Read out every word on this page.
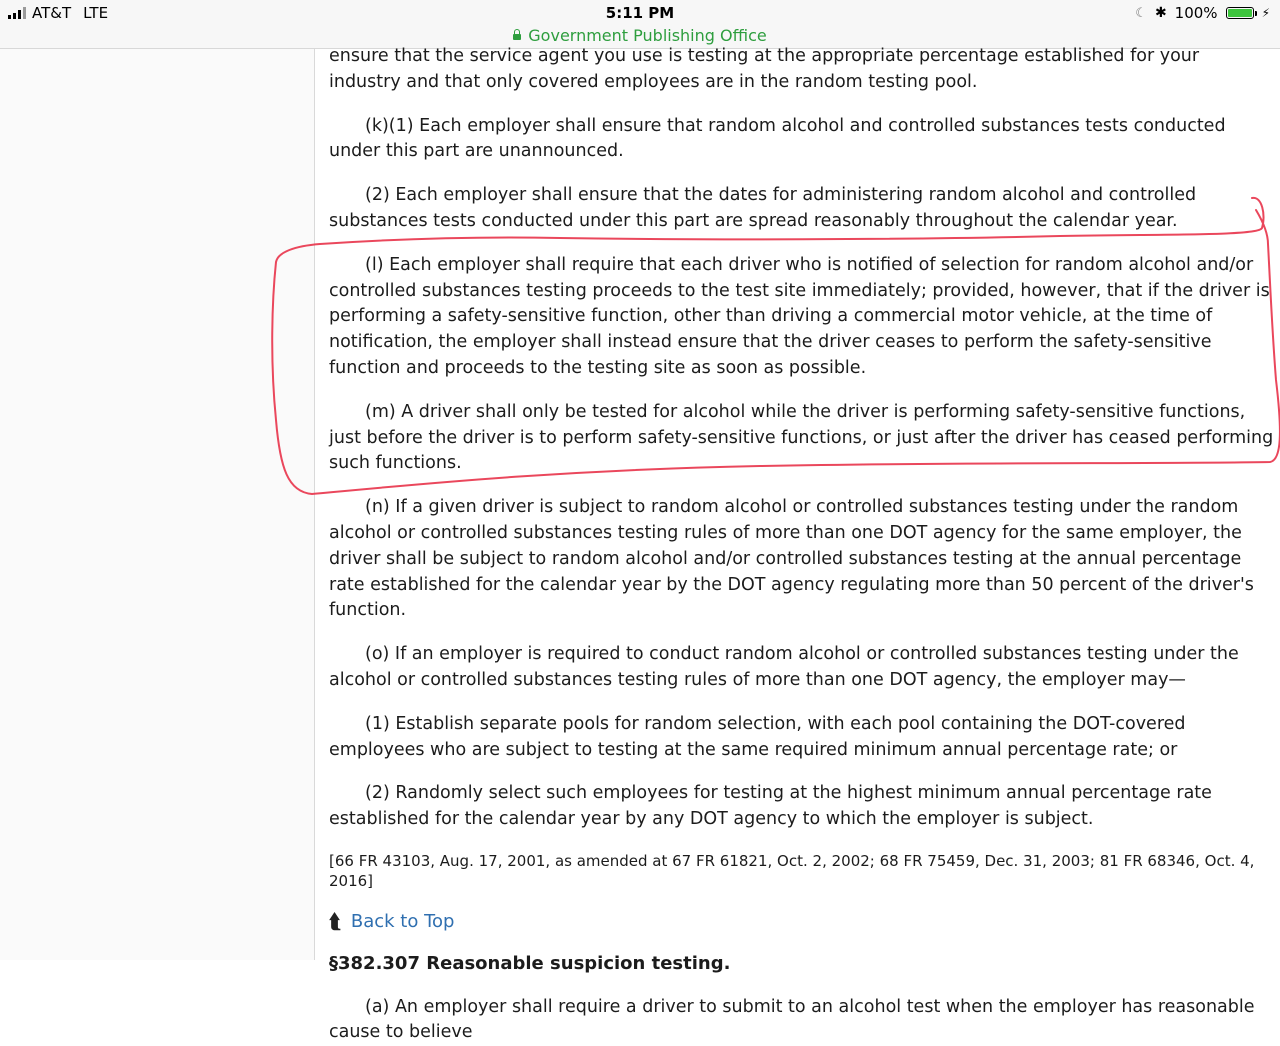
AT&T LTE	5:11 PM	☾ ✱ 100%	⚡
Government Publishing Office

ensure that the service agent you use is testing at the appropriate percentage established for your industry and that only covered employees are in the random testing pool.

(k)(1) Each employer shall ensure that random alcohol and controlled substances tests conducted under this part are unannounced.

(2) Each employer shall ensure that the dates for administering random alcohol and controlled substances tests conducted under this part are spread reasonably throughout the calendar year.

(l) Each employer shall require that each driver who is notified of selection for random alcohol and/or controlled substances testing proceeds to the test site immediately; provided, however, that if the driver is performing a safety-sensitive function, other than driving a commercial motor vehicle, at the time of notification, the employer shall instead ensure that the driver ceases to perform the safety-sensitive function and proceeds to the testing site as soon as possible.

(m) A driver shall only be tested for alcohol while the driver is performing safety-sensitive functions, just before the driver is to perform safety-sensitive functions, or just after the driver has ceased performing such functions.

(n) If a given driver is subject to random alcohol or controlled substances testing under the random alcohol or controlled substances testing rules of more than one DOT agency for the same employer, the driver shall be subject to random alcohol and/or controlled substances testing at the annual percentage rate established for the calendar year by the DOT agency regulating more than 50 percent of the driver's function.

(o) If an employer is required to conduct random alcohol or controlled substances testing under the alcohol or controlled substances testing rules of more than one DOT agency, the employer may—

(1) Establish separate pools for random selection, with each pool containing the DOT-covered employees who are subject to testing at the same required minimum annual percentage rate; or

(2) Randomly select such employees for testing at the highest minimum annual percentage rate established for the calendar year by any DOT agency to which the employer is subject.

[66 FR 43103, Aug. 17, 2001, as amended at 67 FR 61821, Oct. 2, 2002; 68 FR 75459, Dec. 31, 2003; 81 FR 68346, Oct. 4, 2016]
⮬ Back to Top
§382.307 Reasonable suspicion testing.
(a) An employer shall require a driver to submit to an alcohol test when the employer has reasonable cause to believe
